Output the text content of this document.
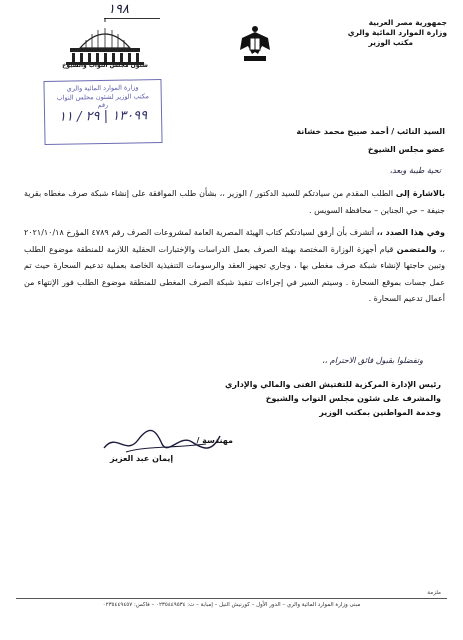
١٩٨
شئون مجلس النواب والشيوخ
جمهورية مصر العربية
وزارة الموارد المائية والري
مكتب الوزير
وزارة الموارد المائية والري
مكتب الوزير لشئون مجلس النواب
رقم
١٣٠٩٩ | ٢٩ / ١١
السيد النائب / أحمد صبيح محمد خشانة
عضو مجلس الشيوخ
تحية طيبة وبعد،

بالاشارة إلى الطلب المقدم من سيادتكم للسيد الدكتور / الوزير ،، بشأن طلب الموافقة على إنشاء شبكة صرف مغطاه بقرية جنيفة – حي الجناين – محافظة السويس .

وفي هذا الصدد ،، أتشرف بأن أرفق لسيادتكم كتاب الهيئة المصرية العامة لمشروعات الصرف رقم ٤٧٨٩ المؤرخ ٢٠٢١/١٠/١٨ ،، والمتضمن قيام أجهزة الوزارة المختصة بهيئة الصرف بعمل الدراسات والإختبارات الحقلية اللازمة للمنطقة موضوع الطلب وتبين حاجتها لإنشاء شبكة صرف مغطى بها ، وجاري تجهيز العقد والرسومات التنفيذية الخاصة بعملية تدعيم السحارة حيث تم عمل جسات بموقع السحارة . وسيتم السير في إجراءات تنفيذ شبكة الصرف المغطى للمنطقة موضوع الطلب فور الإنتهاء من أعمال تدعيم السحارة .

وتفضلوا بقبول فائق الاحترام ،،
رئيس الإدارة المركزية للتفتيش الفنى والمالي والإداري
والمشرف على شئون مجلس النواب والشيوخ
وخدمة المواطنين بمكتب الوزير
مهندسة /
إيمان عبد العزيز
ملزمة
مبنى وزارة الموارد المائية والري – الدور الأول – كورنيش النيل – إمبابة – ت: ٠٢٣٥٤٤٩٥٣٤ – فاكس: ٠٢٣٥٤٤٩٤٥٧
